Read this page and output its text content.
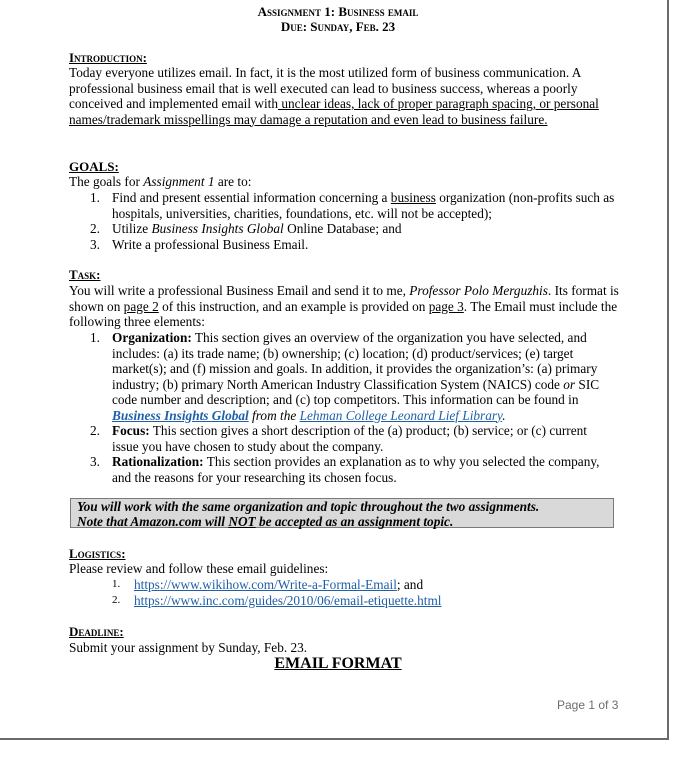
Assignment 1: Business email
Due: Sunday, Feb. 23
Introduction:
Today everyone utilizes email. In fact, it is the most utilized form of business communication. A professional business email that is well executed can lead to business success, whereas a poorly conceived and implemented email with unclear ideas, lack of proper paragraph spacing, or personal names/trademark misspellings may damage a reputation and even lead to business failure.
GOALS:
The goals for Assignment 1 are to:
1. Find and present essential information concerning a business organization (non-profits such as hospitals, universities, charities, foundations, etc. will not be accepted);
2. Utilize Business Insights Global Online Database; and
3. Write a professional Business Email.
Task:
You will write a professional Business Email and send it to me, Professor Polo Merguzhis. Its format is shown on page 2 of this instruction, and an example is provided on page 3. The Email must include the following three elements:
1. Organization: This section gives an overview of the organization you have selected, and includes: (a) its trade name; (b) ownership; (c) location; (d) product/services; (e) target market(s); and (f) mission and goals. In addition, it provides the organization’s: (a) primary industry; (b) primary North American Industry Classification System (NAICS) code or SIC code number and description; and (c) top competitors. This information can be found in Business Insights Global from the Lehman College Leonard Lief Library.
2. Focus: This section gives a short description of the (a) product; (b) service; or (c) current issue you have chosen to study about the company.
3. Rationalization: This section provides an explanation as to why you selected the company, and the reasons for your researching its chosen focus.
You will work with the same organization and topic throughout the two assignments.
Note that Amazon.com will NOT be accepted as an assignment topic.
Logistics:
Please review and follow these email guidelines:
1. https://www.wikihow.com/Write-a-Formal-Email; and
2. https://www.inc.com/guides/2010/06/email-etiquette.html
Deadline:
Submit your assignment by Sunday, Feb. 23.
EMAIL FORMAT
Page 1 of 3
